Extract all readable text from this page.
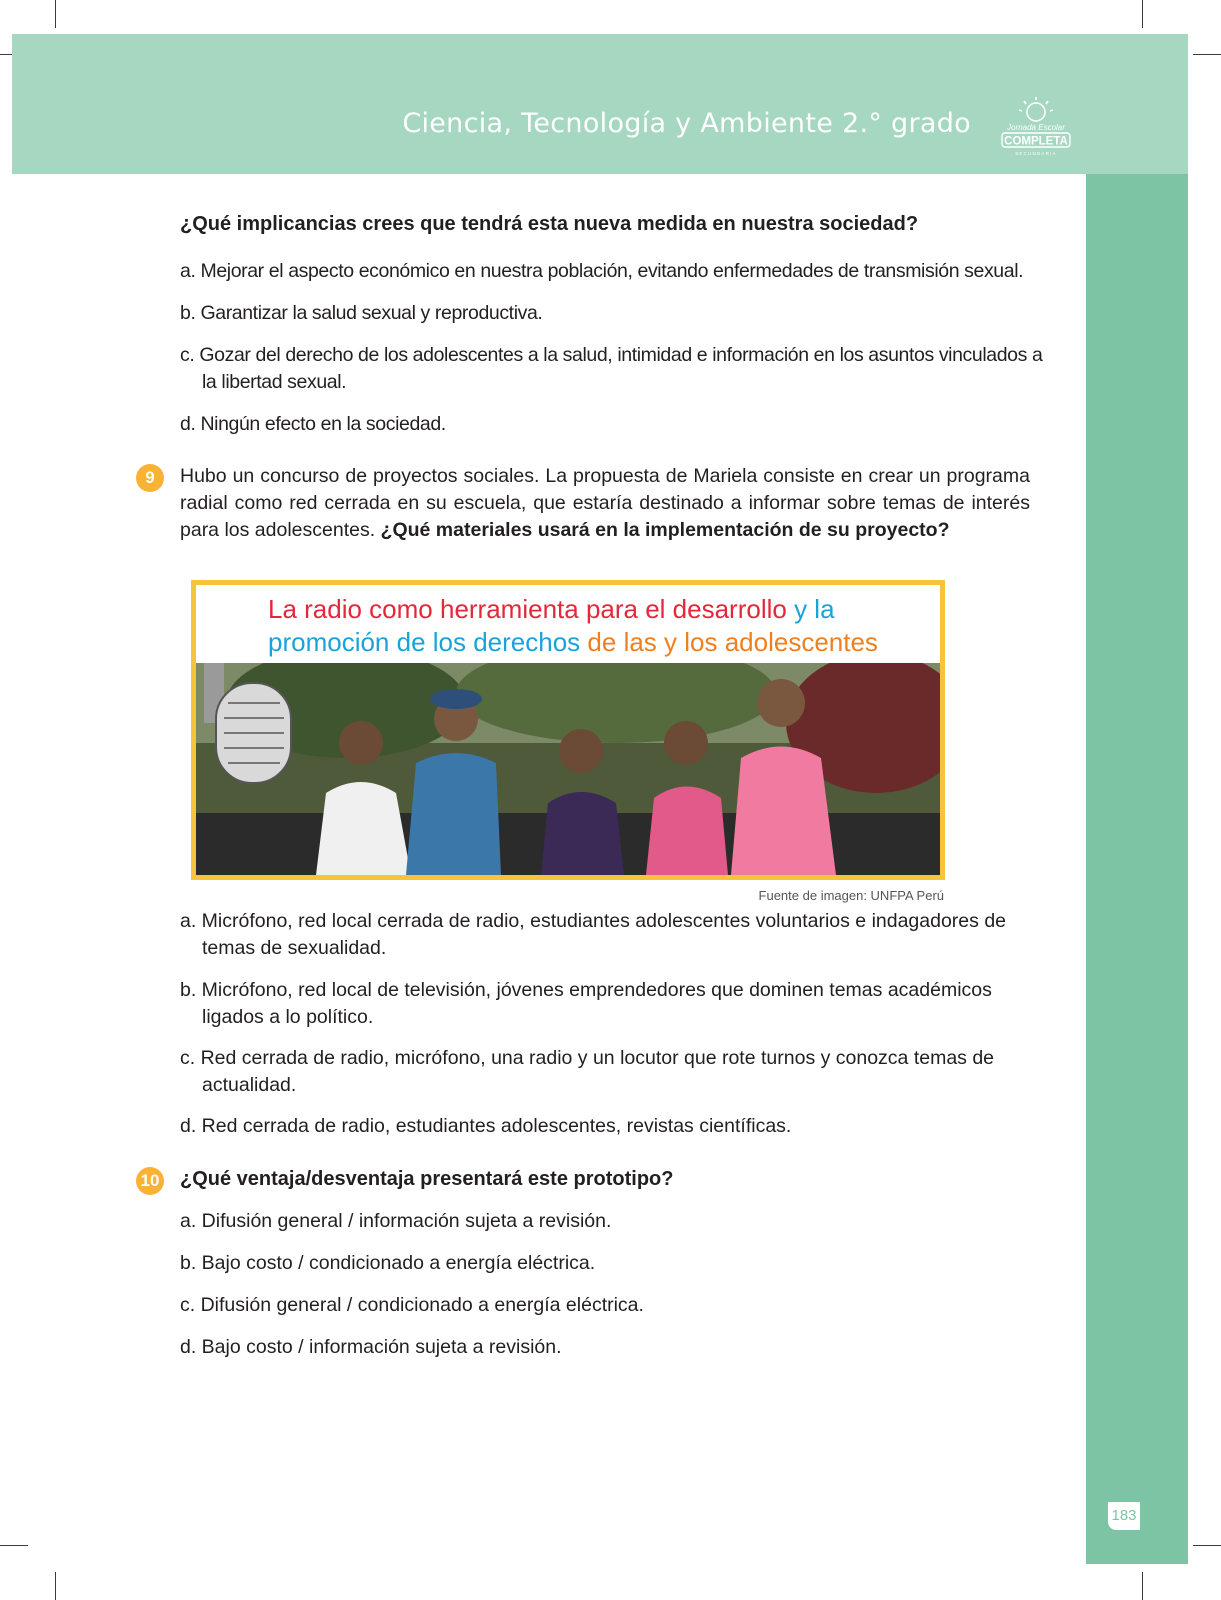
Ciencia, Tecnología y Ambiente 2.° grado	Jornada Escolar
COMPLETA
SECUNDARIA
183

¿Qué implicancias crees que tendrá esta nueva medida en nuestra sociedad?

a. Mejorar el aspecto económico en nuestra población, evitando enfermedades de transmisión sexual.
b. Garantizar la salud sexual y reproductiva.
c. Gozar del derecho de los adolescentes a la salud, intimidad e información en los asuntos vinculados a la libertad sexual.
d. Ningún efecto en la sociedad.
9	Hubo un concurso de proyectos sociales. La propuesta de Mariela consiste en crear un programa radial como red cerrada en su escuela, que estaría destinado a informar sobre temas de interés para los adolescentes. ¿Qué materiales usará en la implementación de su proyecto?
La radio como herramienta para el desarrollo y la
promoción de los derechos de las y los adolescentes
Fuente de imagen: UNFPA Perú
a. Micrófono, red local cerrada de radio, estudiantes adolescentes voluntarios e indagadores de temas de sexualidad.
b. Micrófono, red local de televisión, jóvenes emprendedores que dominen temas académicos ligados a lo político.
c. Red cerrada de radio, micrófono, una radio y un locutor que rote turnos y conozca temas de actualidad.
d. Red cerrada de radio, estudiantes adolescentes, revistas científicas.
10 ¿Qué ventaja/desventaja presentará este prototipo?

a. Difusión general / información sujeta a revisión.
b. Bajo costo / condicionado a energía eléctrica.
c. Difusión general / condicionado a energía eléctrica.
d. Bajo costo / información sujeta a revisión.
